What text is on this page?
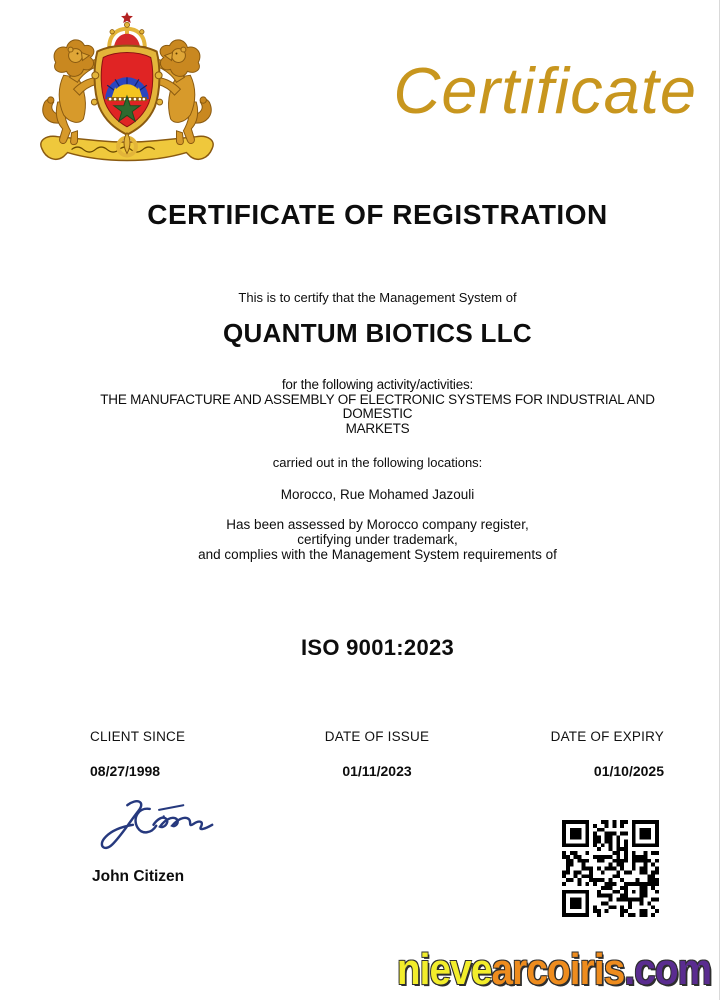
Certificate
CERTIFICATE OF REGISTRATION
This is to certify that the Management System of
QUANTUM BIOTICS LLC
for the following activity/activities:
THE MANUFACTURE AND ASSEMBLY OF ELECTRONIC SYSTEMS FOR INDUSTRIAL AND
DOMESTIC
MARKETS
carried out in the following locations:
Morocco, Rue Mohamed Jazouli
Has been assessed by Morocco company register,
certifying under trademark,
and complies with the Management System requirements of
ISO 9001:2023
CLIENT SINCE
08/27/1998
DATE OF ISSUE
01/11/2023
DATE OF EXPIRY
01/10/2025
John Citizen
nievearcoiris.com
